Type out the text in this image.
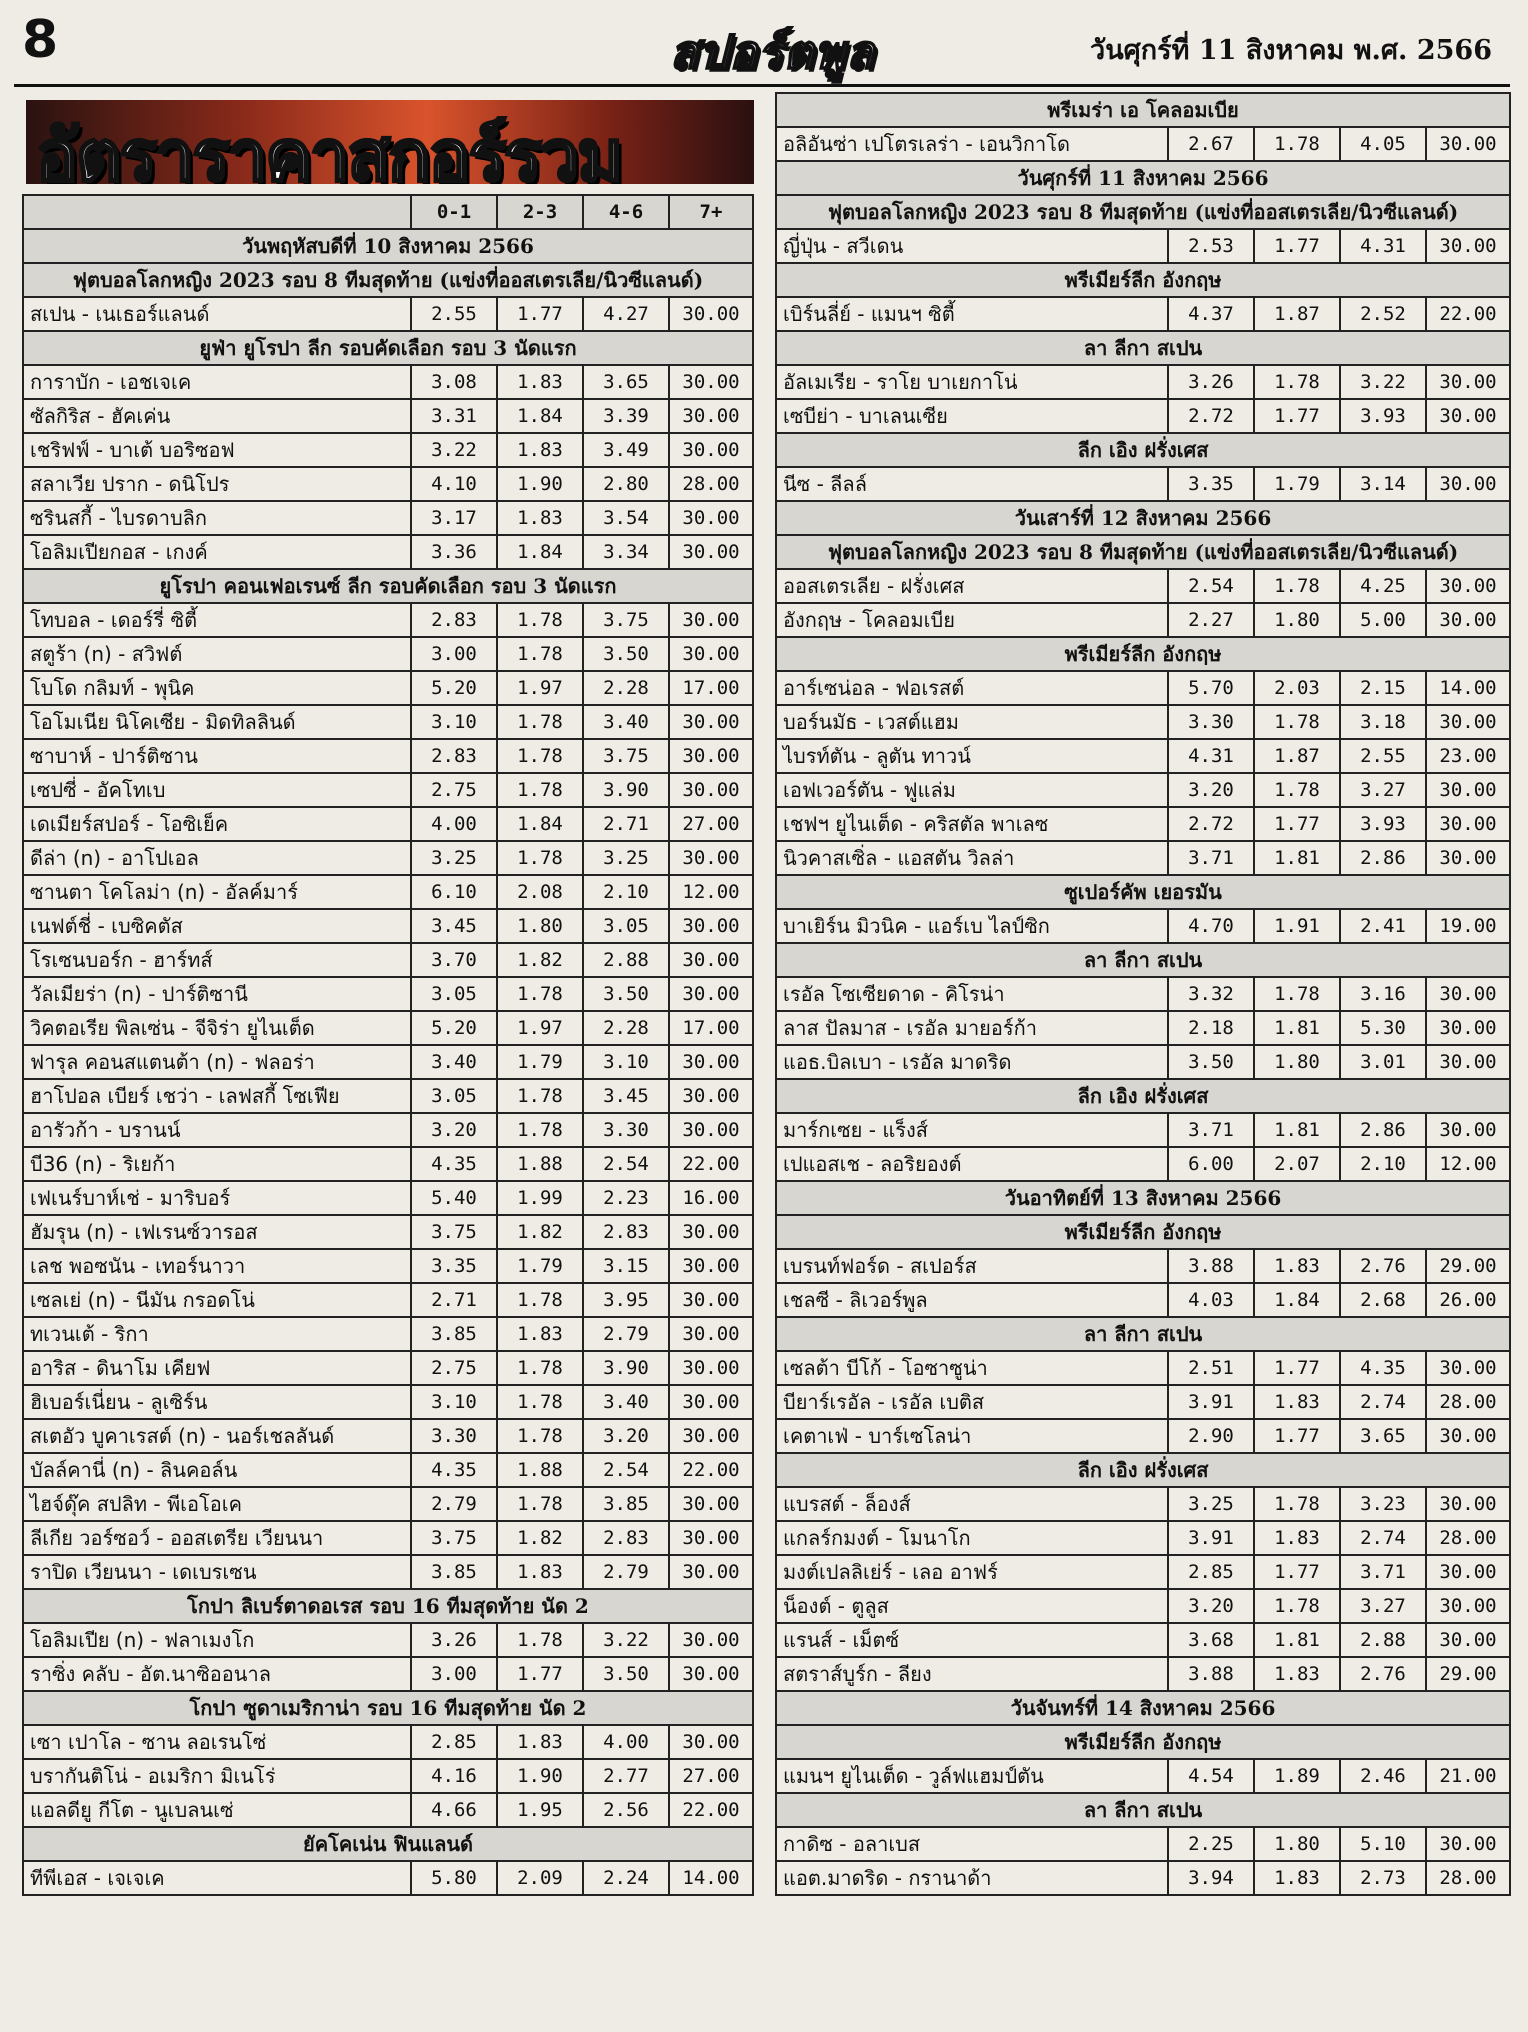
8	สปอร์ตพูล	วันศุกร์ที่ 11 สิงหาคม พ.ศ. 2566
อัตราราคาสกอร์รวม
	0-1	2-3	4-6	7+
วันพฤหัสบดีที่ 10 สิงหาคม 2566				
ฟุตบอลโลกหญิง 2023 รอบ 8 ทีมสุดท้าย (แข่งที่ออสเตรเลีย/นิวซีแลนด์)				
สเปน - เนเธอร์แลนด์	2.55	1.77	4.27	30.00
ยูฟ่า ยูโรปา ลีก รอบคัดเลือก รอบ 3 นัดแรก				
การาบัก - เอชเจเค	3.08	1.83	3.65	30.00
ซัลกิริส - ฮัคเค่น	3.31	1.84	3.39	30.00
เชริฟฟ์ - บาเต้ บอริซอฟ	3.22	1.83	3.49	30.00
สลาเวีย ปราก - ดนิโปร	4.10	1.90	2.80	28.00
ซรินสกี้ - ไบรดาบลิก	3.17	1.83	3.54	30.00
โอลิมเปียกอส - เกงค์	3.36	1.84	3.34	30.00
ยูโรปา คอนเฟอเรนซ์ ลีก รอบคัดเลือก รอบ 3 นัดแรก				
โทบอล - เดอร์รี่ ซิตี้	2.83	1.78	3.75	30.00
สตูร้า (n) - สวิฟต์	3.00	1.78	3.50	30.00
โบโด กลิมท์ - พุนิค	5.20	1.97	2.28	17.00
โอโมเนีย นิโคเซีย - มิดทิลลินด์	3.10	1.78	3.40	30.00
ซาบาห์ - ปาร์ติซาน	2.83	1.78	3.75	30.00
เซปซี่ - อัคโทเบ	2.75	1.78	3.90	30.00
เดเมียร์สปอร์ - โอซิเย็ค	4.00	1.84	2.71	27.00
ดีล่า (n) - อาโปเอล	3.25	1.78	3.25	30.00
ซานตา โคโลม่า (n) - อัลค์มาร์	6.10	2.08	2.10	12.00
เนฟต์ชี่ - เบซิคตัส	3.45	1.80	3.05	30.00
โรเซนบอร์ก - ฮาร์ทส์	3.70	1.82	2.88	30.00
วัลเมียร่า (n) - ปาร์ติซานี	3.05	1.78	3.50	30.00
วิคตอเรีย พิลเซ่น - จีจิร่า ยูไนเต็ด	5.20	1.97	2.28	17.00
ฟารุล คอนสแตนต้า (n) - ฟลอร่า	3.40	1.79	3.10	30.00
ฮาโปอล เบียร์ เชว่า - เลฟสกี้ โซเฟีย	3.05	1.78	3.45	30.00
อารัวก้า - บรานน์	3.20	1.78	3.30	30.00
บี36 (n) - ริเยก้า	4.35	1.88	2.54	22.00
เฟเนร์บาห์เช่ - มาริบอร์	5.40	1.99	2.23	16.00
ฮัมรุน (n) - เฟเรนซ์วารอส	3.75	1.82	2.83	30.00
เลช พอซนัน - เทอร์นาวา	3.35	1.79	3.15	30.00
เซลเย่ (n) - นีมัน กรอดโน่	2.71	1.78	3.95	30.00
ทเวนเต้ - ริกา	3.85	1.83	2.79	30.00
อาริส - ดินาโม เคียฟ	2.75	1.78	3.90	30.00
ฮิเบอร์เนี่ยน - ลูเซิร์น	3.10	1.78	3.40	30.00
สเตอัว บูคาเรสต์ (n) - นอร์เชลลันด์	3.30	1.78	3.20	30.00
บัลล์คานี่ (n) - ลินคอล์น	4.35	1.88	2.54	22.00
ไฮจ์ดุ๊ค สปลิท - พีเอโอเค	2.79	1.78	3.85	30.00
ลีเกีย วอร์ซอว์ - ออสเตรีย เวียนนา	3.75	1.82	2.83	30.00
ราปิด เวียนนา - เดเบรเซน	3.85	1.83	2.79	30.00
โกปา ลิเบร์ตาดอเรส รอบ 16 ทีมสุดท้าย นัด 2				
โอลิมเปีย (n) - ฟลาเมงโก	3.26	1.78	3.22	30.00
ราซิ่ง คลับ - อัต.นาซิออนาล	3.00	1.77	3.50	30.00
โกปา ซูดาเมริกาน่า รอบ 16 ทีมสุดท้าย นัด 2				
เซา เปาโล - ซาน ลอเรนโซ่	2.85	1.83	4.00	30.00
บรากันติโน่ - อเมริกา มิเนโร่	4.16	1.90	2.77	27.00
แอลดียู กีโต - นูเบลนเซ่	4.66	1.95	2.56	22.00
ยัคโคเน่น ฟินแลนด์				
ทีพีเอส - เจเจเค	5.80	2.09	2.24	14.00
พรีเมร่า เอ โคลอมเบีย				
อลิอันซ่า เปโตรเลร่า - เอนวิกาโด	2.67	1.78	4.05	30.00
วันศุกร์ที่ 11 สิงหาคม 2566				
ฟุตบอลโลกหญิง 2023 รอบ 8 ทีมสุดท้าย (แข่งที่ออสเตรเลีย/นิวซีแลนด์)				
ญี่ปุ่น - สวีเดน	2.53	1.77	4.31	30.00
พรีเมียร์ลีก อังกฤษ				
เบิร์นลี่ย์ - แมนฯ ซิตี้	4.37	1.87	2.52	22.00
ลา ลีกา สเปน				
อัลเมเรีย - ราโย บาเยกาโน่	3.26	1.78	3.22	30.00
เซบีย่า - บาเลนเซีย	2.72	1.77	3.93	30.00
ลีก เอิง ฝรั่งเศส				
นีซ - ลีลล์	3.35	1.79	3.14	30.00
วันเสาร์ที่ 12 สิงหาคม 2566				
ฟุตบอลโลกหญิง 2023 รอบ 8 ทีมสุดท้าย (แข่งที่ออสเตรเลีย/นิวซีแลนด์)				
ออสเตรเลีย - ฝรั่งเศส	2.54	1.78	4.25	30.00
อังกฤษ - โคลอมเบีย	2.27	1.80	5.00	30.00
พรีเมียร์ลีก อังกฤษ				
อาร์เซน่อล - ฟอเรสต์	5.70	2.03	2.15	14.00
บอร์นมัธ - เวสต์แฮม	3.30	1.78	3.18	30.00
ไบรท์ตัน - ลูตัน ทาวน์	4.31	1.87	2.55	23.00
เอฟเวอร์ตัน - ฟูแล่ม	3.20	1.78	3.27	30.00
เชฟฯ ยูไนเต็ด - คริสตัล พาเลซ	2.72	1.77	3.93	30.00
นิวคาสเซิ่ล - แอสตัน วิลล่า	3.71	1.81	2.86	30.00
ซูเปอร์คัพ เยอรมัน				
บาเยิร์น มิวนิค - แอร์เบ ไลป์ซิก	4.70	1.91	2.41	19.00
ลา ลีกา สเปน				
เรอัล โซเซียดาด - คิโรน่า	3.32	1.78	3.16	30.00
ลาส ปัลมาส - เรอัล มายอร์ก้า	2.18	1.81	5.30	30.00
แอธ.บิลเบา - เรอัล มาดริด	3.50	1.80	3.01	30.00
ลีก เอิง ฝรั่งเศส				
มาร์กเซย - แร็งส์	3.71	1.81	2.86	30.00
เปแอสเช - ลอริยองต์	6.00	2.07	2.10	12.00
วันอาทิตย์ที่ 13 สิงหาคม 2566				
พรีเมียร์ลีก อังกฤษ				
เบรนท์ฟอร์ด - สเปอร์ส	3.88	1.83	2.76	29.00
เชลซี - ลิเวอร์พูล	4.03	1.84	2.68	26.00
ลา ลีกา สเปน				
เซลต้า บีโก้ - โอซาซูน่า	2.51	1.77	4.35	30.00
บียาร์เรอัล - เรอัล เบติส	3.91	1.83	2.74	28.00
เคตาเฟ่ - บาร์เซโลน่า	2.90	1.77	3.65	30.00
ลีก เอิง ฝรั่งเศส				
แบรสต์ - ล็องส์	3.25	1.78	3.23	30.00
แกลร์กมงต์ - โมนาโก	3.91	1.83	2.74	28.00
มงต์เปลลิเย่ร์ - เลอ อาฟร์	2.85	1.77	3.71	30.00
น็องต์ - ตูลูส	3.20	1.78	3.27	30.00
แรนส์ - เม็ตซ์	3.68	1.81	2.88	30.00
สตราส์บูร์ก - ลียง	3.88	1.83	2.76	29.00
วันจันทร์ที่ 14 สิงหาคม 2566				
พรีเมียร์ลีก อังกฤษ				
แมนฯ ยูไนเต็ด - วูล์ฟแฮมป์ตัน	4.54	1.89	2.46	21.00
ลา ลีกา สเปน				
กาดิซ - อลาเบส	2.25	1.80	5.10	30.00
แอต.มาดริด - กรานาด้า	3.94	1.83	2.73	28.00
